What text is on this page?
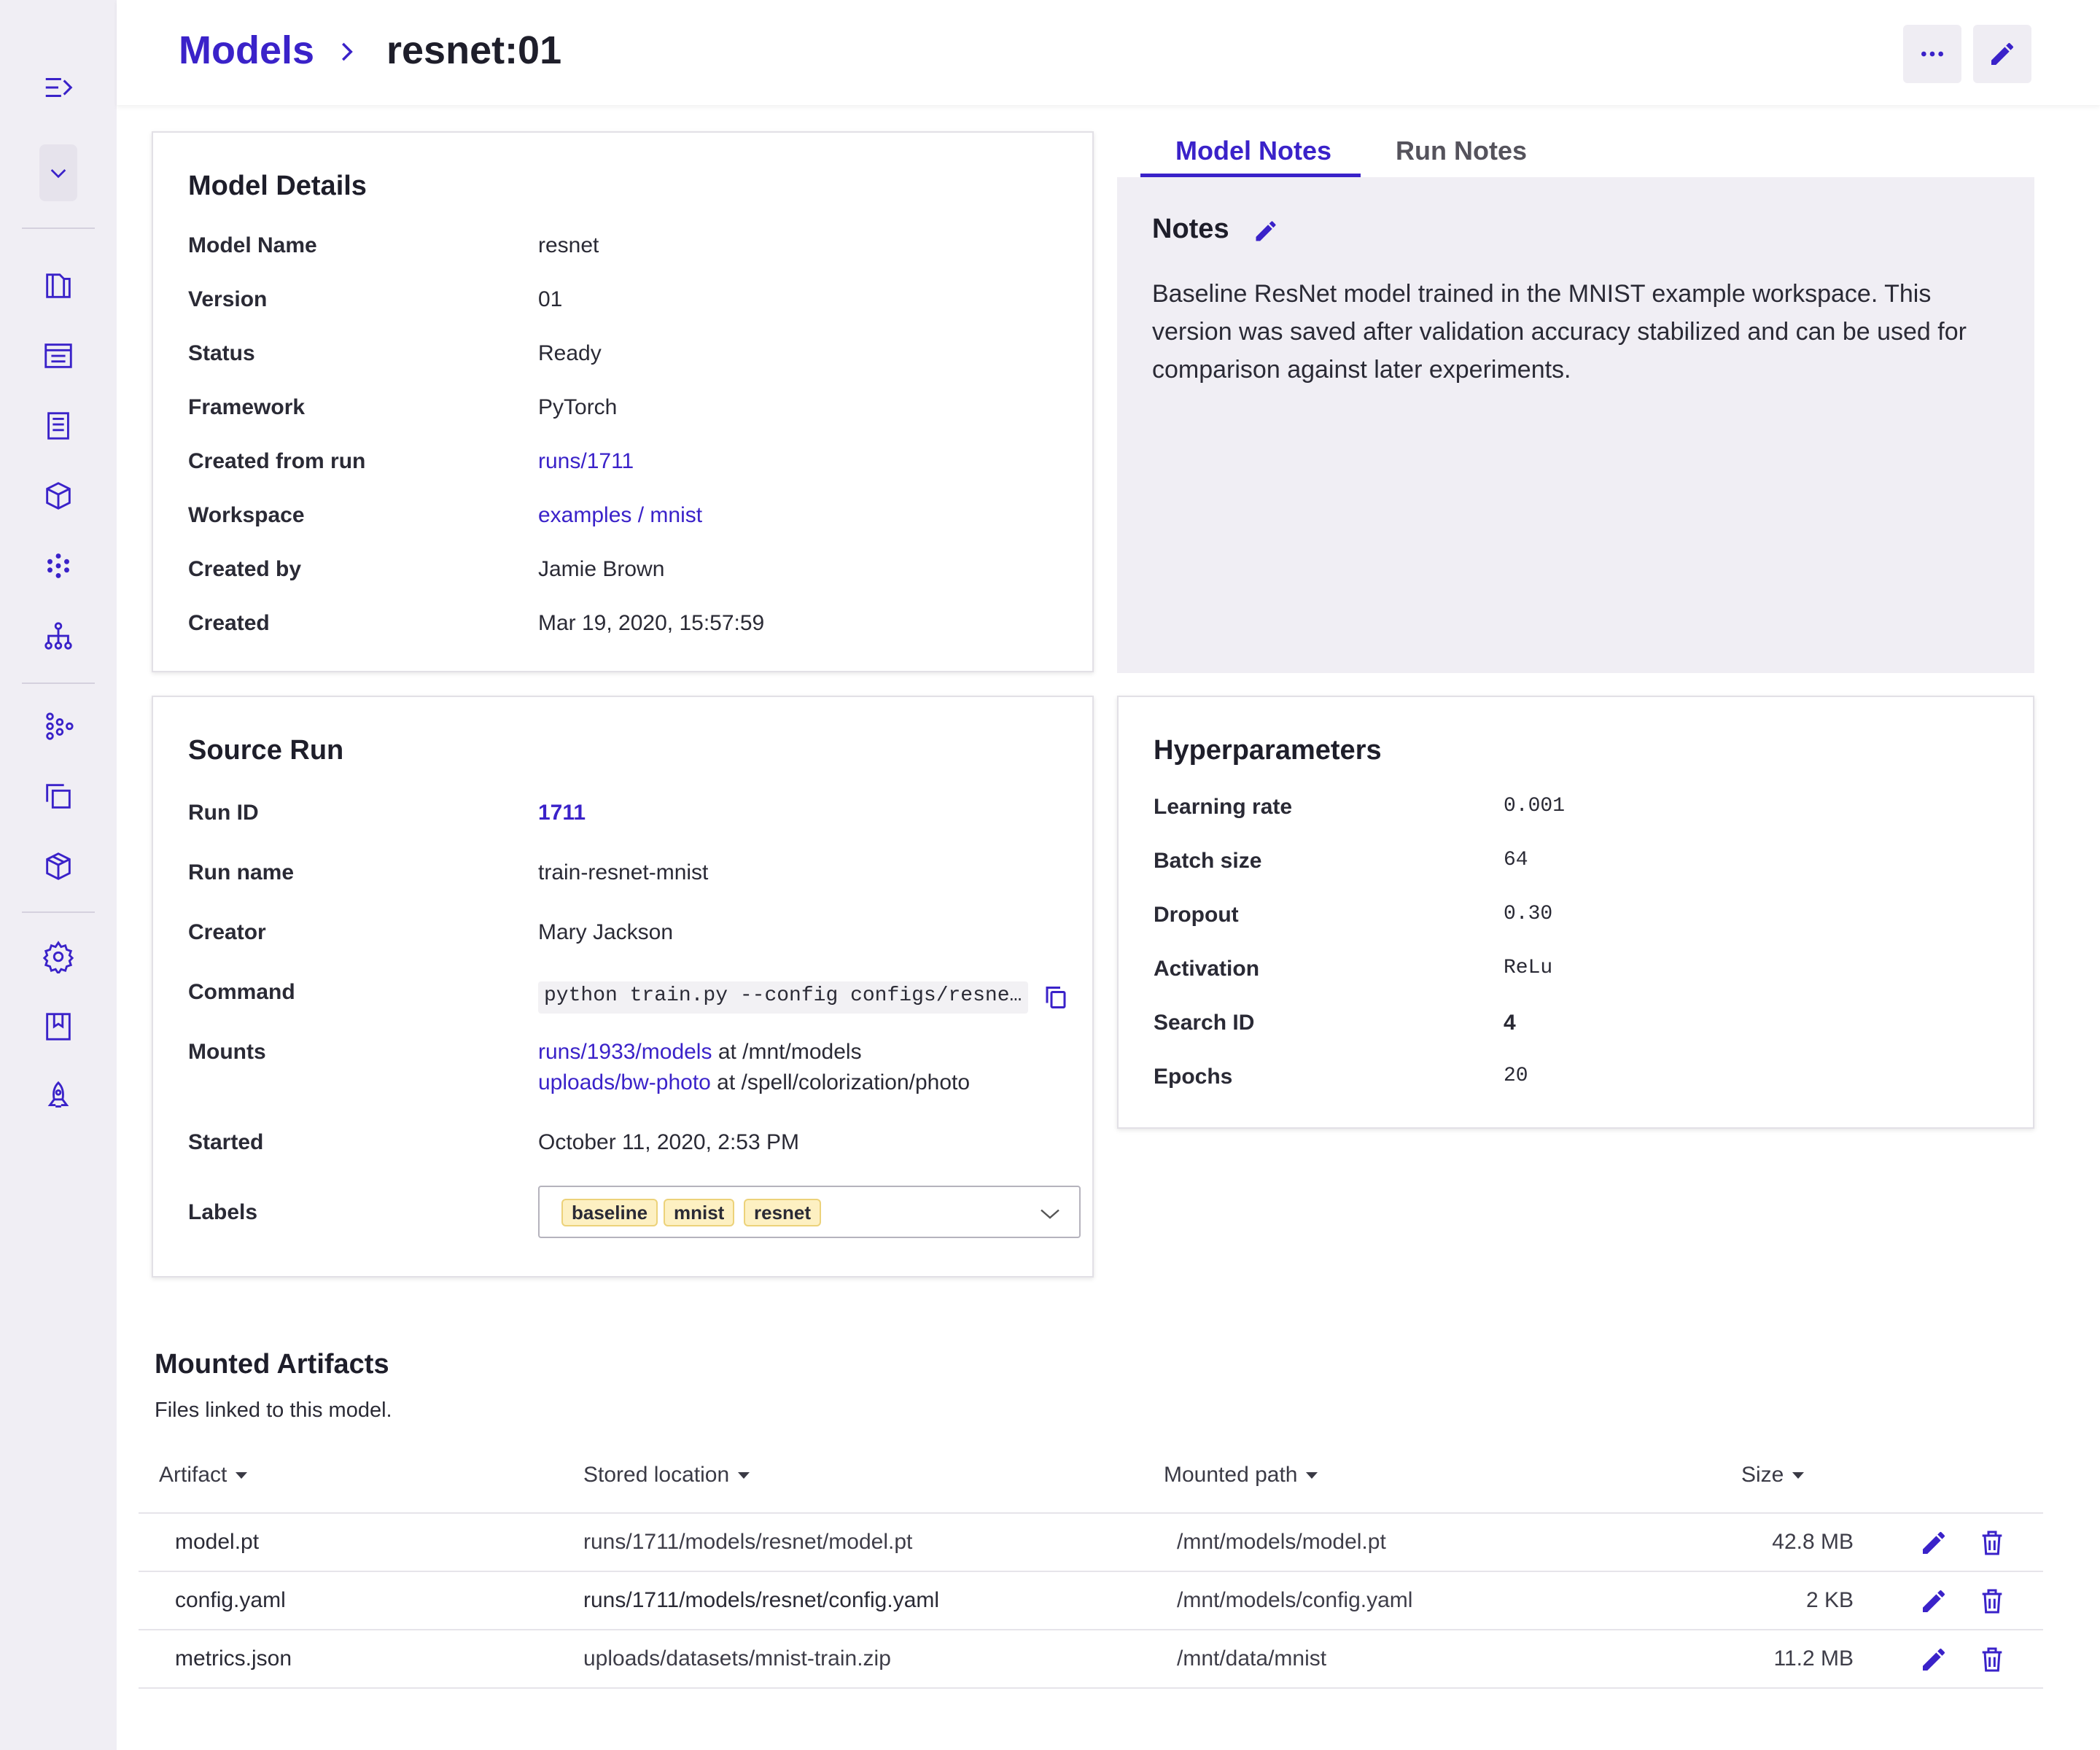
Models resnet:01
Model Details
Model Name	resnet
Version	01
Status	Ready
Framework	PyTorch
Created from run	runs/1711
Workspace	examples / mnist
Created by	Jamie Brown
Created	Mar 19, 2020, 15:57:59
Model Notes Run Notes
Notes

Baseline ResNet model trained in the MNIST example workspace. This version was saved after validation accuracy stabilized and can be used for comparison against later experiments.

Source Run
Run ID	1711
Run name	train-resnet-mnist
Creator	Mary Jackson
Command	python train.py --config configs/resne…
Mounts	runs/1933/models at /mnt/models
uploads/bw-photo at /spell/colorization/photo
Started	October 11, 2020, 2:53 PM
Labels	baseline	mnist	resnet
Hyperparameters
Learning rate	0.001
Batch size	64
Dropout	0.30
Activation	ReLu
Search ID	4
Epochs	20
Mounted Artifacts

Files linked to this model.

Artifact	Stored location	Mounted path	Size
model.pt	runs/1711/models/resnet/model.pt	/mnt/models/model.pt	42.8 MB
config.yaml	runs/1711/models/resnet/config.yaml	/mnt/models/config.yaml	2 KB
metrics.json	uploads/datasets/mnist-train.zip	/mnt/data/mnist	11.2 MB
